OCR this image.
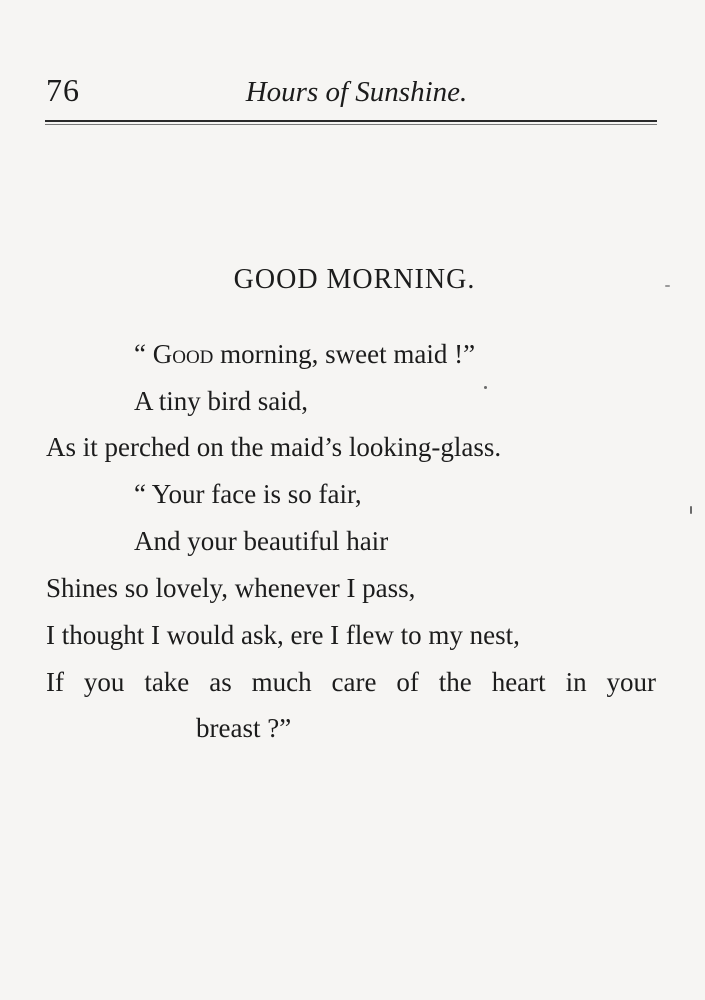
76	Hours of Sunshine.
GOOD MORNING.
“ Good morning, sweet maid !”
A tiny bird said,
As it perched on the maid’s looking-glass.
“ Your face is so fair,
And your beautiful hair
Shines so lovely, whenever I pass,
I thought I would ask, ere I flew to my nest,
If you take as much care of the heart in your
breast ?”
